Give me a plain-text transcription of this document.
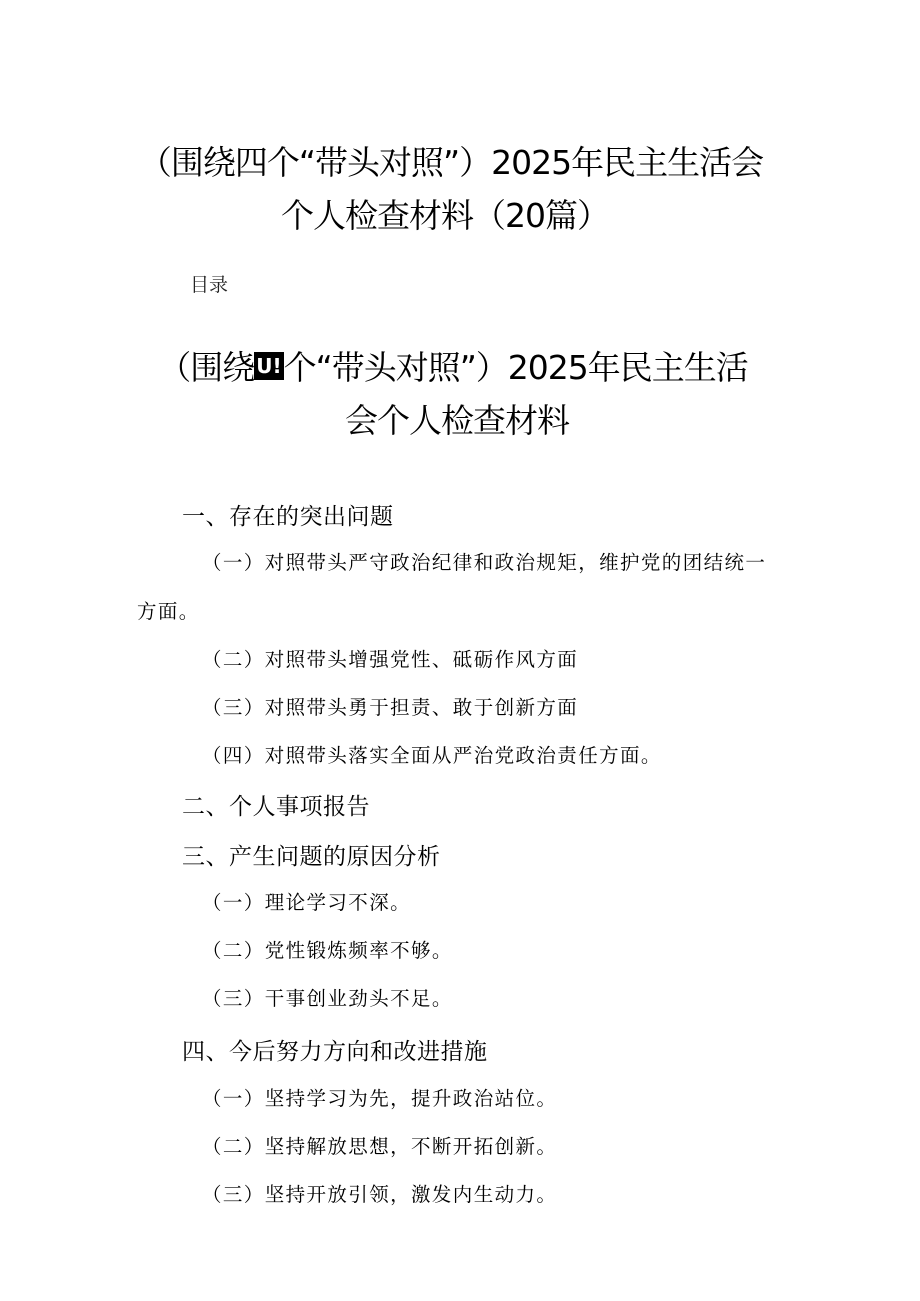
（围绕四个“带头对照”）2025年民主生活会
个人检查材料（20篇）
目录
（围绕 U!个“带头对照”）2025年民主生活
会个人检查材料
一、存在的突出问题
（一）对照带头严守政治纪律和政治规矩，维护党的团结统一
方面。
（二）对照带头增强党性、砥砺作风方面
（三）对照带头勇于担责、敢于创新方面
（四）对照带头落实全面从严治党政治责任方面。
二、个人事项报告
三、产生问题的原因分析
（一）理论学习不深。
（二）党性锻炼频率不够。
（三）干事创业劲头不足。
四、今后努力方向和改进措施
（一）坚持学习为先，提升政治站位。
（二）坚持解放思想，不断开拓创新。
（三）坚持开放引领，激发内生动力。
